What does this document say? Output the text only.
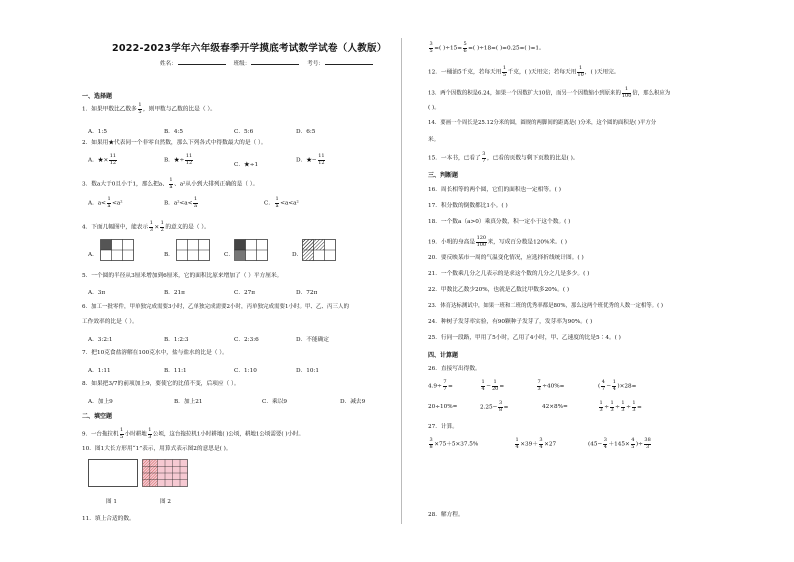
2022-2023学年六年级春季开学摸底考试数学试卷（人教版）
姓名：	班级：	考号：
一、选择题
1．如果甲数比乙数多 $\frac{1}{5}$ ，则甲数与乙数的比是（ ）。
A．1:5	B．4:5	C．5:6	D．6:5
2．如果用★代表同一个非零自然数，那么下列各式中得数最大的是（ ）。
A．★× $\frac{11}{12}$	B．★÷ $\frac{11}{12}$	C．★÷1
D．★− $\frac{11}{12}$
3．数a大于0且小于1，那么把a、 $\frac{1}{a}$ 、a²从小到大排列正确的是（ ）。
A．$a< \frac{1}{a} <a^2$	B．$a^2<a< \frac{1}{a}$	C． $\frac{1}{a} <a<a^2$
4．下面几幅图中，能表示 $\frac{1}{3} \times \frac{1}{2}$ 的意义的是（ ）。
A．	B．	C．	D．
5．一个圆的半径从3厘米增加到6厘米，它的面积比原来增加了（ ）平方厘米。
A．3π	B．21π	C．27π	D．72π
6．加工一批零件，甲单独完成需要3小时，乙单独完成需要2小时，丙单独完成需要1小时。甲、乙、丙三人的
工作效率的比是（ ）。
A．3:2:1	B．1:2:3	C．2:3:6	D．不能确定
7．把10克食盐溶解在100克水中，盐与盐水的比是（ ）。
A．1:11	B．11:1	C．1:10	D．10:1
8．如果把3/7的前项加上9，要使它的比值不变，后项应（ ）。
A．加上9	B．加上21	C．乘以9	D．减去9
二、填空题
9．一台拖拉机 $\frac{1}{5}$ 小时耕地 $\frac{1}{3}$ 公顷，这台拖拉机1小时耕地( )公顷，耕地1公顷需要( )小时。
10．图1大长方形用“1”表示，用算式表示图2的意思是( )。
图 1	图 2
11．填上合适的数。
$\frac{3}{5}$ =( )$\div 15= \frac{5}{6}$ =( )÷18=( )=0.25=( )=1。
12．一桶油5千克，若每天用 $\frac{1}{5}$ 千克，( )天用完；若每天用 $\frac{1}{10}$ ，( )天用完。
13．两个因数的积是6.24，如果一个因数扩大10倍，而另一个因数缩小到原来的 $\frac{1}{100}$ 倍，那么积应为
( )。
14．要画一个周长是25.12分米的圆，圆规的两脚间的距离是( )分米，这个圆的面积是( )平方分
米。
15．一本书，已看了 $\frac{3}{7}$ ，已看的页数与剩下页数的比是( )。
三、判断题
16．周长相等的两个圆，它们的面积也一定相等。( )
17．积分数的倒数都比1小。( )
18．一个数a（a>0）乘真分数，积一定小于这个数。( )
19．小明的身高是 $\frac{120}{100}$ 米，写成百分数是120%米。( )
20．要反映某市一周的气温变化情况，应选择折线统计图。( )
21．一个数乘几分之几表示的是求这个数的几分之几是多少。( )
22．甲数比乙数少20%，也就是乙数比甲数多20%。( )
23．体育达标测试中，如果一班和二班的优秀率都是80%，那么这两个班优秀的人数一定相等。( )
24．种树子发芽率实验，有90颗种子发芽了，发芽率为90%。( )
25．行同一段路，甲用了5小时，乙用了4小时，甲、乙速度的比是5∶4。( )
四、计算题
26．直接写出得数。
$4.9\div \frac{7}{7}$ =	$\frac{1}{4} - \frac{1}{20}$ =	$\frac{7}{3} \div 40\%=$	( $\frac{4}{7} - \frac{1}{4} )\times 28=$
20÷10%=	$2.25- \frac{3}{8}$ =	42×8%=	$\frac{1}{3} \div \frac{1}{3} \div \frac{1}{3} \div \frac{1}{3}$ =
27．计算。
$\frac{3}{8} \times 75+5\times 37.5\%$	$\frac{1}{4} \times 39+ \frac{3}{4} \times 27$	($45- \frac{3}{4} +145\times \frac{4}{5}$ )÷ $\frac{38}{3}$
28．解方程。
